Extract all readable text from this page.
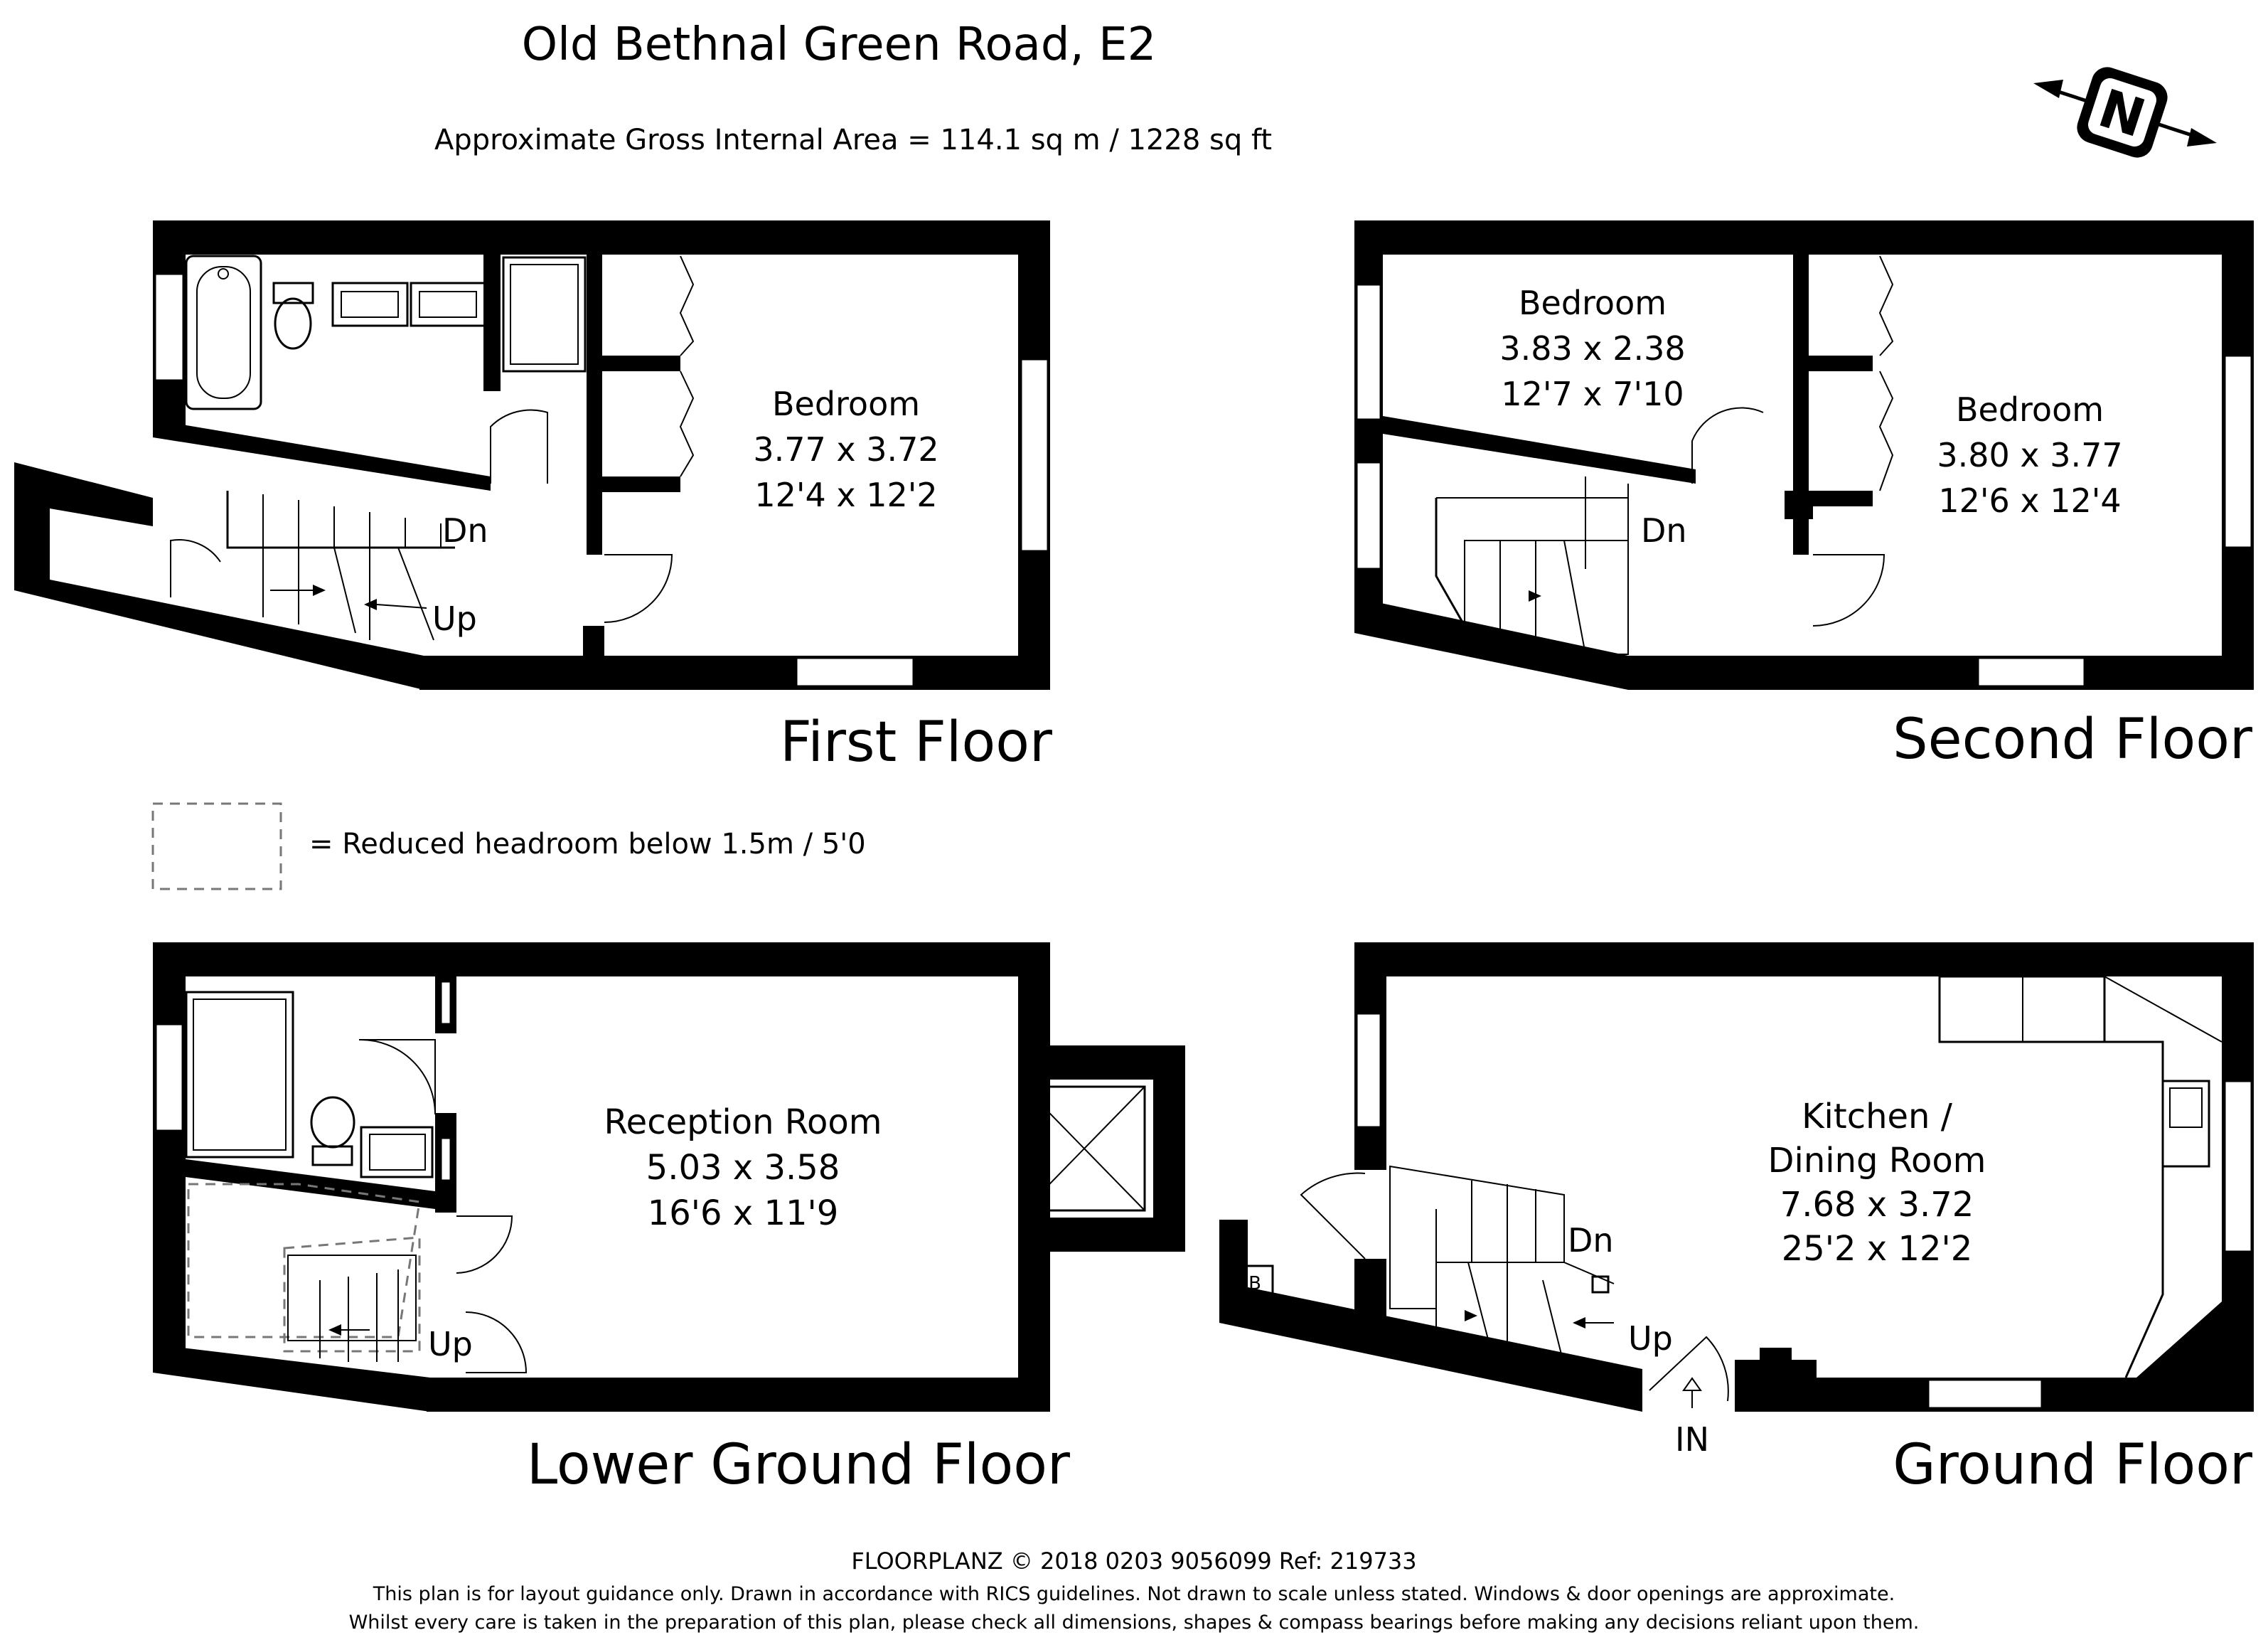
Old Bethnal Green Road, E2
Approximate Gross Internal Area = 114.1 sq m / 1228 sq ft	N
Bedroom
3.77 x 3.72
12'4 x 12'2
Dn
Up
First Floor
Bedroom
3.83 x 2.38
12'7 x 7'10	Bedroom
3.80 x 3.77
12'6 x 12'4
Dn
Second Floor
= Reduced headroom below 1.5m / 5'0
Reception Room
5.03 x 3.58
16'6 x 11'9
Up
Lower Ground Floor
Kitchen /
Dining Room
7.68 x 3.72
25'2 x 12'2
Dn
Up
IN
B
Ground Floor
FLOORPLANZ © 2018 0203 9056099 Ref: 219733
This plan is for layout guidance only. Drawn in accordance with RICS guidelines. Not drawn to scale unless stated. Windows & door openings are approximate.
Whilst every care is taken in the preparation of this plan, please check all dimensions, shapes & compass bearings before making any decisions reliant upon them.
